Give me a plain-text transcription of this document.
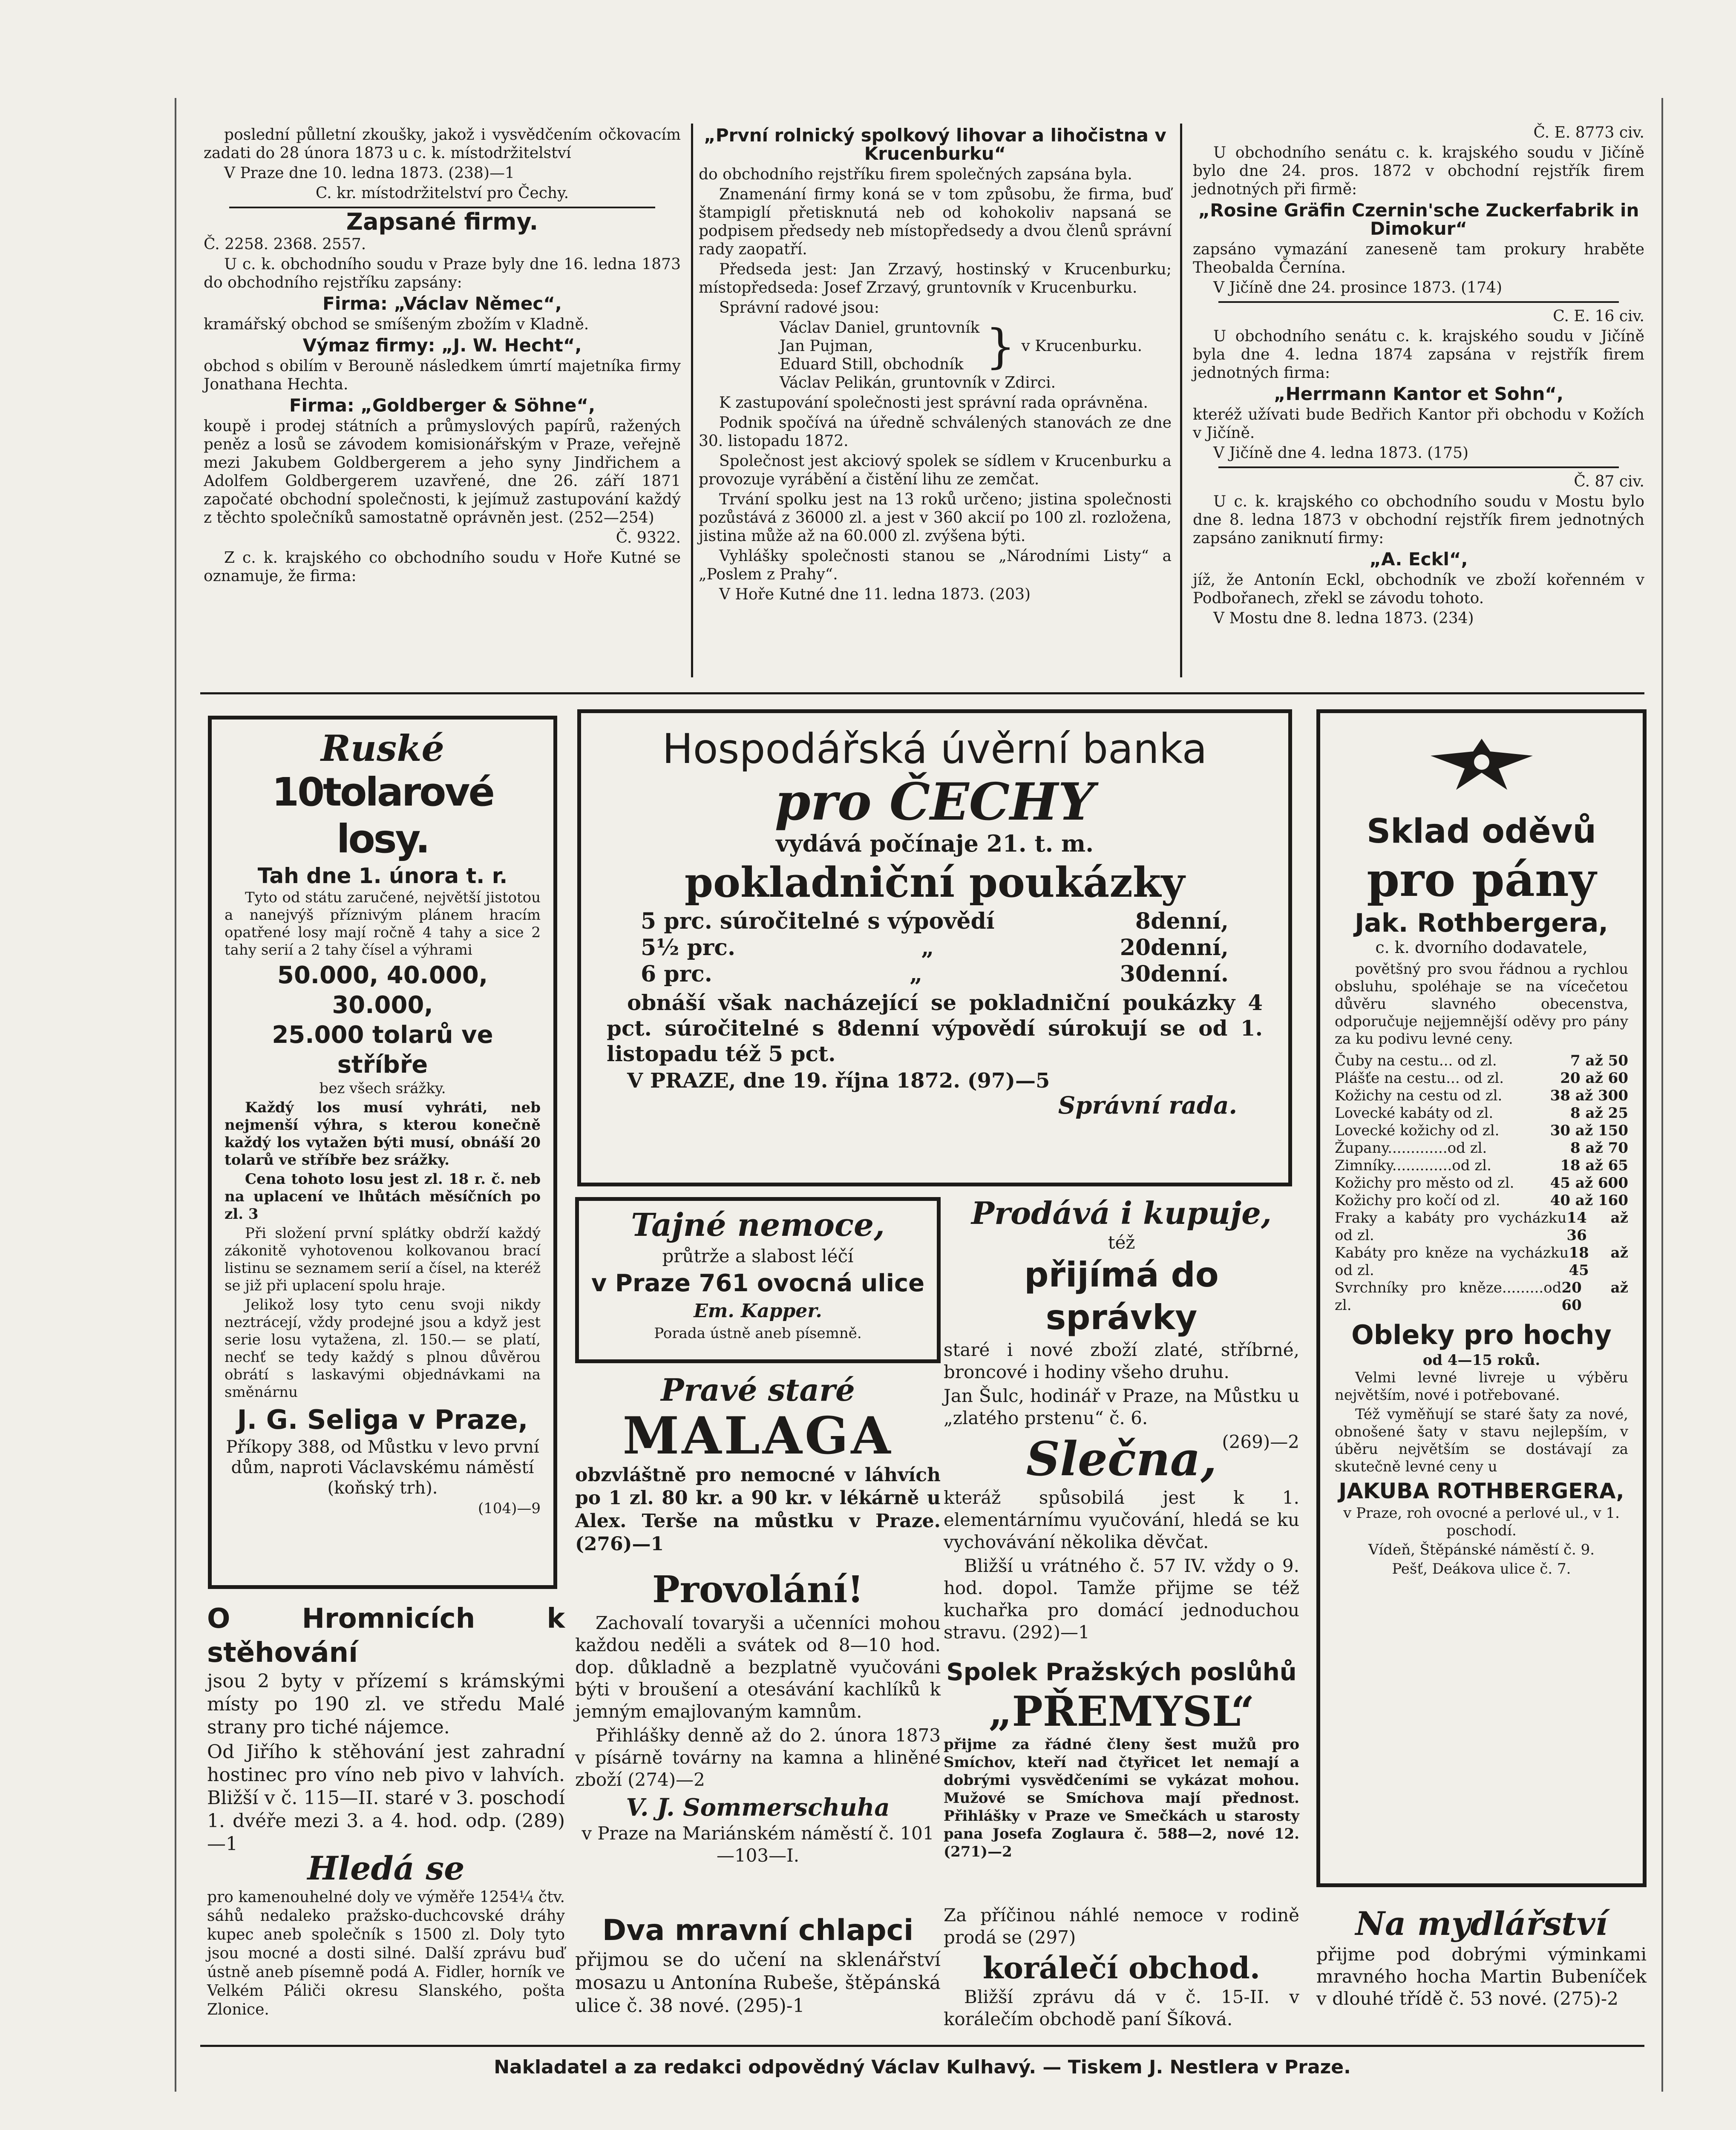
poslední půlletní zkoušky, jakož i vysvědčením očkovacím zadati do 28 února 1873 u c. k. místodržitelství

V Praze dne 10. ledna 1873. (238)—1

C. kr. místodržitelství pro Čechy.

Zapsané firmy.

Č. 2258. 2368. 2557.

U c. k. obchodního soudu v Praze byly dne 16. ledna 1873 do obchodního rejstříku zapsány:

Firma: „Václav Němec“,

kramářský obchod se smíšeným zbožím v Kladně.

Výmaz firmy: „J. W. Hecht“,

obchod s obilím v Berouně následkem úmrtí majetníka firmy Jonathana Hechta.

Firma: „Goldberger & Söhne“,

koupě i prodej státních a průmyslových papírů, ražených peněz a losů se závodem komisionářským v Praze, veřejně mezi Jakubem Goldbergerem a jeho syny Jindřichem a Adolfem Goldbergerem uzavřené, dne 26. září 1871 započaté obchodní společnosti, k jejímuž zastupování každý z těchto společníků samostatně oprávněn jest. (252—254)

Č. 9322.

Z c. k. krajského co obchodního soudu v Hoře Kutné se oznamuje, že firma:

„První rolnický spolkový lihovar a lihočistna v Krucenburku“

do obchodního rejstříku firem společných zapsána byla.

Znamenání firmy koná se v tom způsobu, že firma, buď štampiglí přetisknutá neb od kohokoliv napsaná se podpisem předsedy neb místopředsedy a dvou členů správní rady zaopatří.

Předseda jest: Jan Zrzavý, hostinský v Krucenburku; místopředseda: Josef Zrzavý, gruntovník v Krucenburku.

Správní radové jsou:

Václav Daniel, gruntovník
Jan Pujman,
Eduard Still, obchodník } v Krucenburku.

Václav Pelikán, gruntovník v Zdirci.

K zastupování společnosti jest správní rada oprávněna.

Podnik spočívá na úředně schválených stanovách ze dne 30. listopadu 1872.

Společnost jest akciový spolek se sídlem v Krucenburku a provozuje vyrábění a čistění lihu ze zemčat.

Trvání spolku jest na 13 roků určeno; jistina společnosti pozůstává z 36000 zl. a jest v 360 akcií po 100 zl. rozložena, jistina může až na 60.000 zl. zvýšena býti.

Vyhlášky společnosti stanou se „Národními Listy“ a „Poslem z Prahy“.

V Hoře Kutné dne 11. ledna 1873. (203)

Č. E. 8773 civ.

U obchodního senátu c. k. krajského soudu v Jičíně bylo dne 24. pros. 1872 v obchodní rejstřík firem jednotných při firmě:

„Rosine Gräfin Czernin'sche Zuckerfabrik in Dimokur“

zapsáno vymazání zaneseně tam prokury hraběte Theobalda Černína.

V Jičíně dne 24. prosince 1873. (174)

C. E. 16 civ.

U obchodního senátu c. k. krajského soudu v Jičíně byla dne 4. ledna 1874 zapsána v rejstřík firem jednotných firma:

„Herrmann Kantor et Sohn“,

kteréž užívati bude Bedřich Kantor při obchodu v Kožích v Jičíně.

V Jičíně dne 4. ledna 1873. (175)

Č. 87 civ.

U c. k. krajského co obchodního soudu v Mostu bylo dne 8. ledna 1873 v obchodní rejstřík firem jednotných zapsáno zaniknutí firmy:

„A. Eckl“,

jíž, že Antonín Eckl, obchodník ve zboží kořenném v Podbořanech, zřekl se závodu tohoto.

V Mostu dne 8. ledna 1873. (234)

Ruské
10tolarové losy.
Tah dne 1. února t. r.

Tyto od státu zaručené, největší jistotou a nanejvýš příznivým plánem hracím opatřené losy mají ročně 4 tahy a sice 2 tahy serií a 2 tahy čísel a výhrami

50.000, 40.000, 30.000,
25.000 tolarů ve stříbře

bez všech srážky.

Každý los musí vyhráti, neb nejmenší výhra, s kterou konečně každý los vytažen býti musí, obnáší 20 tolarů ve stříbře bez srážky.

Cena tohoto losu jest zl. 18 r. č. neb na uplacení ve lhůtách měsíčních po zl. 3

Při složení první splátky obdrží každý zákonitě vyhotovenou kolkovanou brací listinu se seznamem serií a čísel, na kteréž se již při uplacení spolu hraje.

Jelikož losy tyto cenu svoji nikdy neztrácejí, vždy prodejné jsou a když jest serie losu vytažena, zl. 150.— se platí, nechť se tedy každý s plnou důvěrou obrátí s laskavými objednávkami na směnárnu

J. G. Seliga v Praze,

Příkopy 388, od Můstku v levo první dům, naproti Václavskému náměstí (koňský trh).

(104)—9

Hospodářská úvěrní banka
pro ČECHY
vydává počínaje 21. t. m.
pokladniční poukázky
5 prc. súročitelné s výpovědí	8denní,
5½ prc.	„	20denní,
6 prc.	„	30denní.

obnáší však nacházející se pokladniční poukázky 4 pct. súročitelné s 8denní výpovědí súrokují se od 1. listopadu též 5 pct.

V PRAZE, dne 19. října 1872. (97)—5

Správní rada.

Sklad oděvů
pro pány
Jak. Rothbergera,
c. k. dvorního dodavatele,

povětšný pro svou řádnou a rychlou obsluhu, spoléhaje se na vícečetou důvěru slavného obecenstva, odporučuje nejjemnější oděvy pro pány za ku podivu levné ceny.

Čuby na cestu... od zl.	7 až 50
Plášťe na cestu... od zl.	20 až 60
Kožichy na cestu od zl.	38 až 300
Lovecké kabáty od zl.	8 až 25
Lovecké kožichy od zl.	30 až 150
Župany.............od zl.	8 až 70
Zimníky.............od zl.	18 až 65
Kožichy pro město od zl. 45 až 600
Kožichy pro kočí od zl.	40 až 160
Fraky a kabáty pro vycházku od zl.
14 až 36
Kabáty pro kněze na vycházku od zl.
18 až 45
Svrchníky pro kněze.........od zl.
20 až 60
Obleky pro hochy
od 4—15 roků.

Velmi levné livreje u výběru největším, nové i potřebované.

Též vyměňují se staré šaty za nové, obnošené šaty v stavu nejlepším, v úběru největším se dostávají za skutečně levné ceny u

JAKUBA ROTHBERGERA,

v Praze, roh ovocné a perlové ul., v 1. poschodí.

Vídeň, Štěpánské náměstí č. 9.

Pešť, Deákova ulice č. 7.

Tajné nemoce,
průtrže a slabost léčí
v Praze 761 ovocná ulice
Em. Kapper.
Porada ústně aneb písemně.
Prodává i kupuje,
též
přijímá do správky

staré i nové zboží zlaté, stříbrné, broncové i hodiny všeho druhu.

Jan Šulc, hodinář v Praze, na Můstku u „zlatého prstenu“ č. 6.

(269)—2

Pravé staré
MALAGA

obzvláštně pro nemocné v láhvích po 1 zl. 80 kr. a 90 kr. v lékárně u Alex. Terše na můstku v Praze. (276)—1

Slečna,

kteráž spůsobilá jest k 1. elementárnímu vyučování, hledá se ku vychovávání několika děvčat.

Bližší u vrátného č. 57 IV. vždy o 9. hod. dopol. Tamže přijme se též kuchařka pro domácí jednoduchou stravu. (292)—1

O Hromnicích k stěhování

jsou 2 byty v přízemí s krámskými místy po 190 zl. ve středu Malé strany pro tiché nájemce.

Od Jiřího k stěhování jest zahradní hostinec pro víno neb pivo v lahvích. Bližší v č. 115—II. staré v 3. poschodí 1. dvéře mezi 3. a 4. hod. odp. (289)—1

Provolání!

Zachovalí tovaryši a učenníci mohou každou neděli a svátek od 8—10 hod. dop. důkladně a bezplatně vyučováni býti v broušení a otesávání kachlíků k jemným emajlovaným kamnům.

Přihlášky denně až do 2. února 1873 v písárně továrny na kamna a hliněné zboží (274)—2

V. J. Sommerschuha

v Praze na Mariánském náměstí č. 101—103—I.

Spolek Pražských poslůhů
„PŘEMYSL“

přijme za řádné členy šest mužů pro Smíchov, kteří nad čtyřicet let nemají a dobrými vysvědčeními se vykázat mohou. Mužové se Smíchova mají přednost. Přihlášky v Praze ve Smečkách u starosty pana Josefa Zoglaura č. 588—2, nové 12. (271)—2

Hledá se

pro kamenouhelné doly ve výměře 1254¼ čtv. sáhů nedaleko pražsko-duchcovské dráhy kupec aneb společník s 1500 zl. Doly tyto jsou mocné a dosti silné. Další zprávu buď ústně aneb písemně podá A. Fidler, horník ve Velkém Páliči okresu Slanského, pošta Zlonice.

Dva mravní chlapci

přijmou se do učení na sklenářství mosazu u Antonína Rubeše, štěpánská ulice č. 38 nové. (295)-1

Za příčinou náhlé nemoce v rodině prodá se (297)

korálečí obchod.

Bližší zprávu dá v č. 15-II. v korálečím obchodě paní Šíková.

Na mydlářství

přijme pod dobrými výminkami mravného hocha Martin Bubeníček v dlouhé třídě č. 53 nové. (275)-2

Nakladatel a za redakci odpovědný Václav Kulhavý. — Tiskem J. Nestlera v Praze.
